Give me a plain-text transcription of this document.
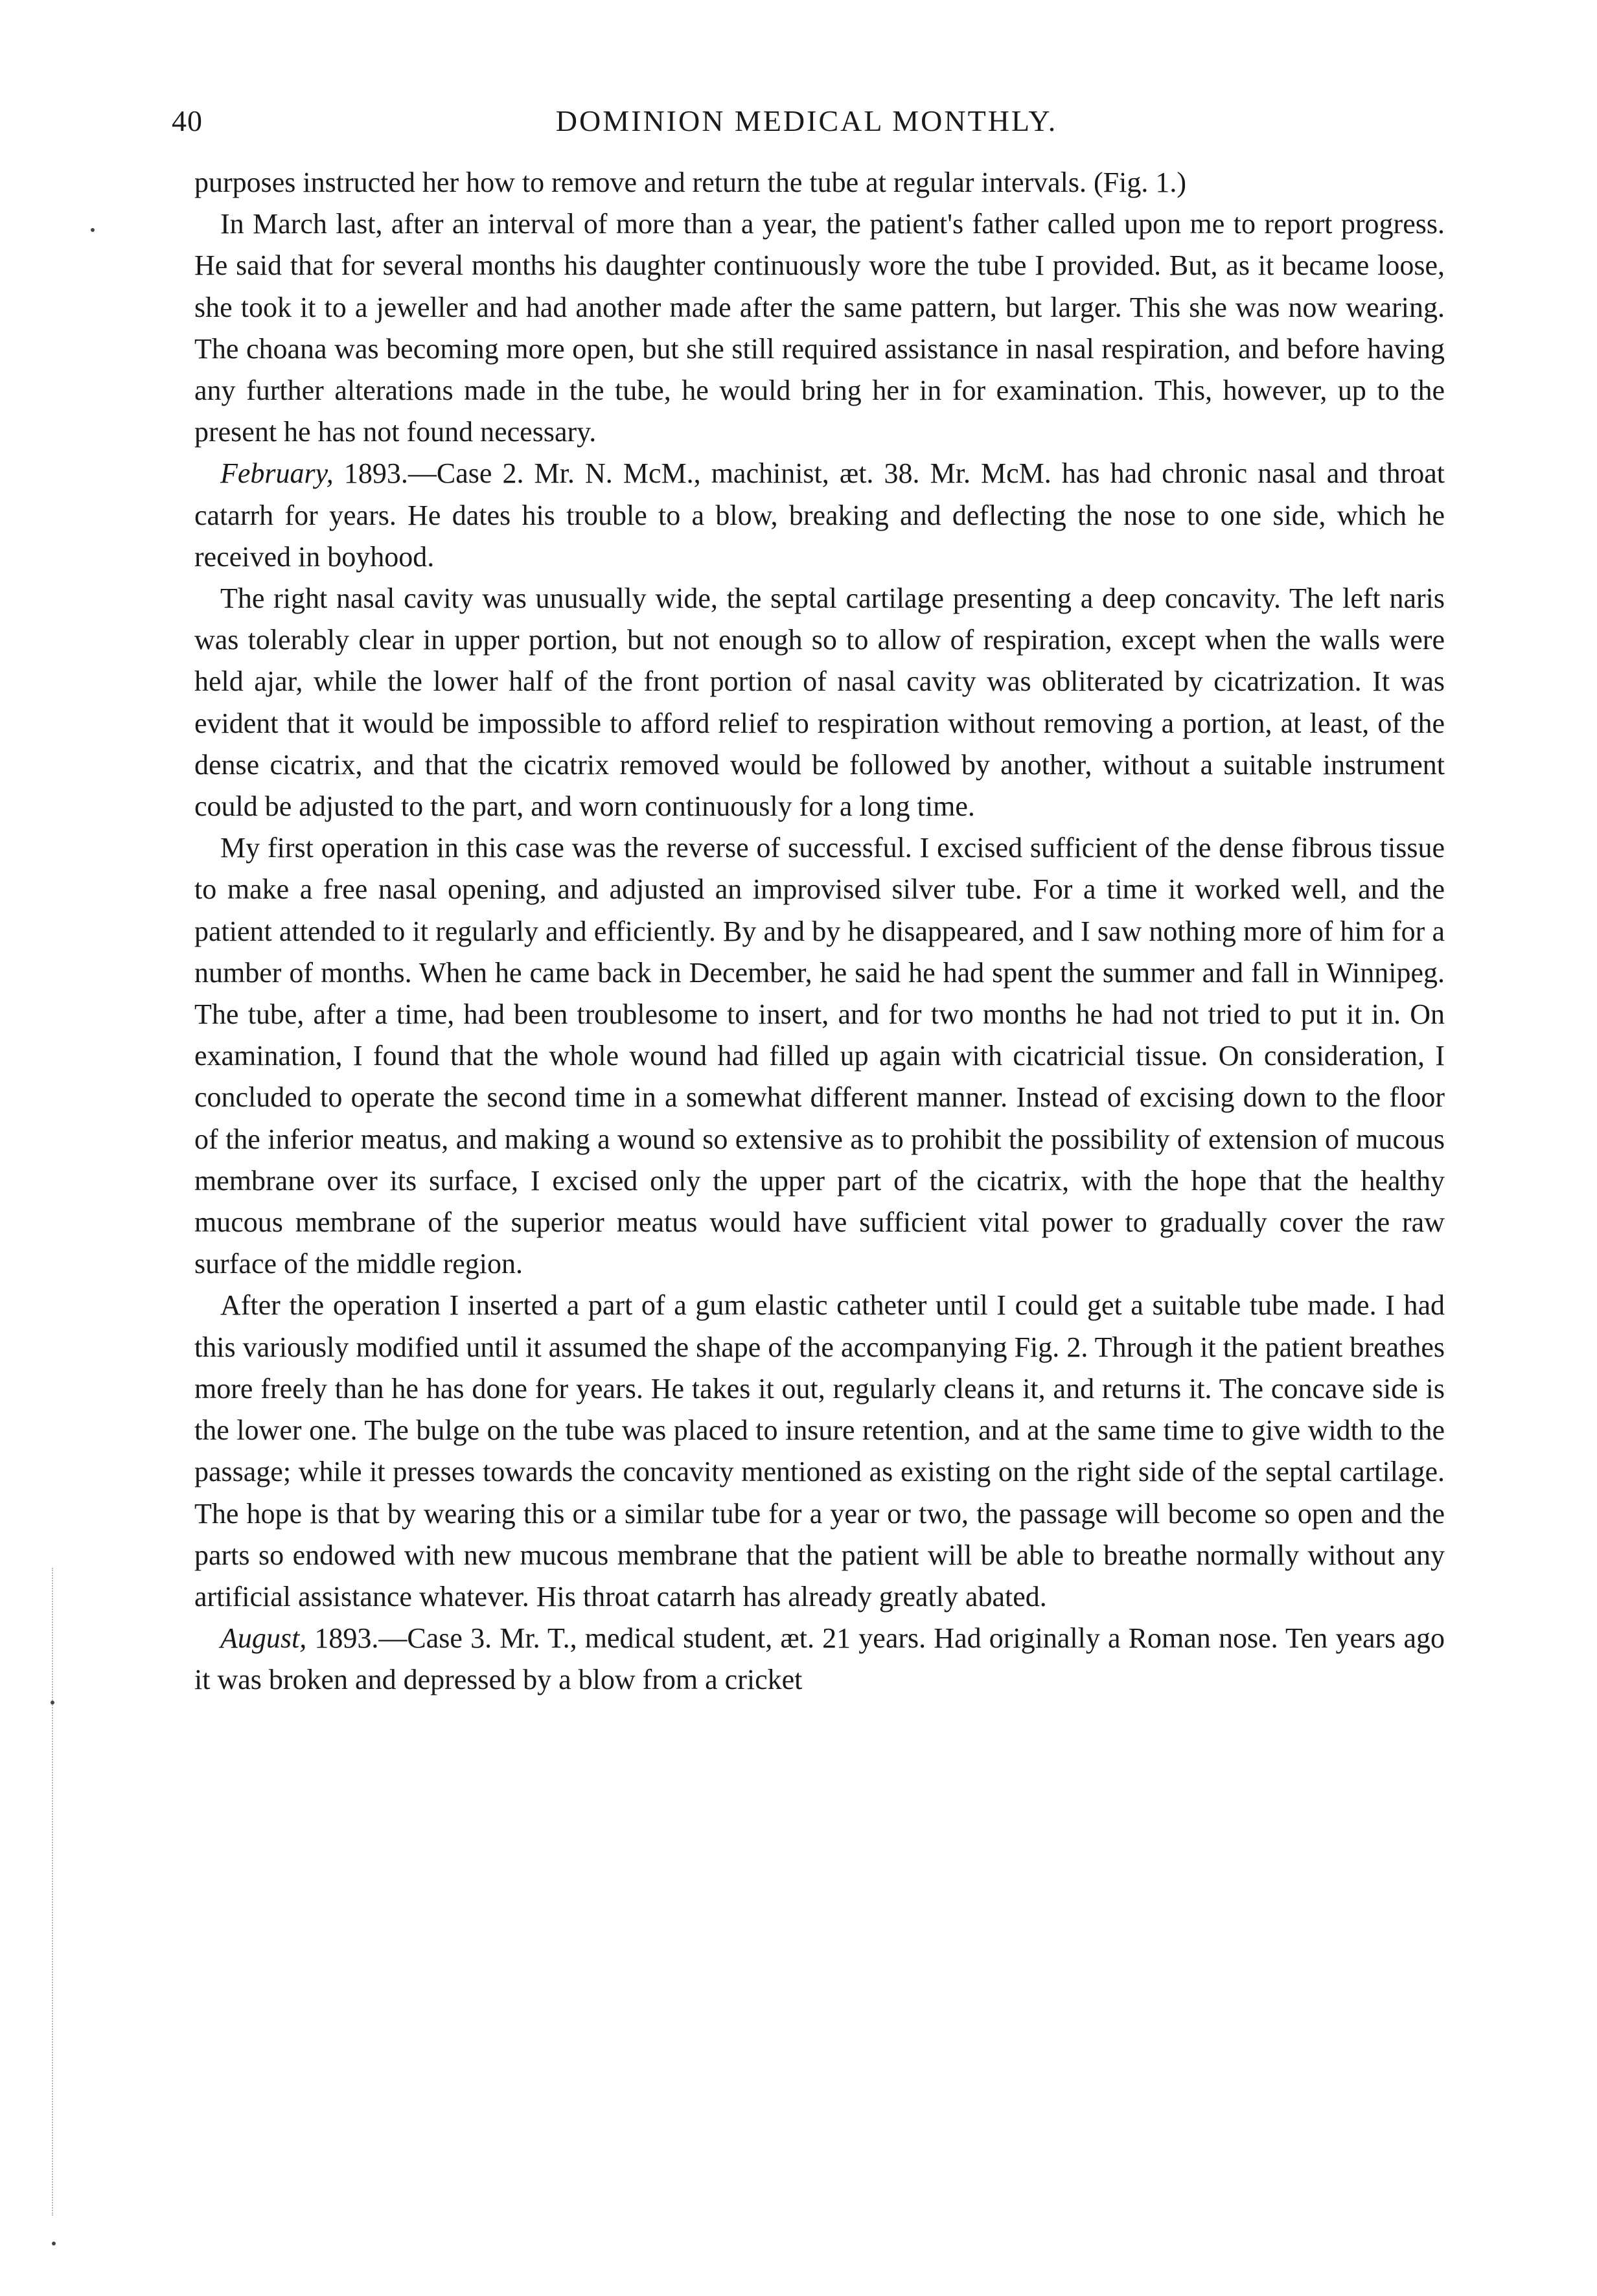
40	DOMINION MEDICAL MONTHLY.

purposes instructed her how to remove and return the tube at regular intervals. (Fig. 1.)

In March last, after an interval of more than a year, the patient's father called upon me to report progress. He said that for several months his daughter continuously wore the tube I provided. But, as it became loose, she took it to a jeweller and had another made after the same pattern, but larger. This she was now wearing. The choana was becoming more open, but she still required assistance in nasal respiration, and before having any further alterations made in the tube, he would bring her in for examination. This, however, up to the present he has not found necessary.

February, 1893.—Case 2. Mr. N. McM., machinist, æt. 38. Mr. McM. has had chronic nasal and throat catarrh for years. He dates his trouble to a blow, breaking and deflecting the nose to one side, which he received in boyhood.

The right nasal cavity was unusually wide, the septal cartilage presenting a deep concavity. The left naris was tolerably clear in upper portion, but not enough so to allow of respiration, except when the walls were held ajar, while the lower half of the front portion of nasal cavity was obliterated by cicatrization. It was evident that it would be impossible to afford relief to respiration without removing a portion, at least, of the dense cicatrix, and that the cicatrix removed would be followed by another, without a suitable instrument could be adjusted to the part, and worn continuously for a long time.

My first operation in this case was the reverse of successful. I excised sufficient of the dense fibrous tissue to make a free nasal opening, and adjusted an improvised silver tube. For a time it worked well, and the patient attended to it regularly and efficiently. By and by he disappeared, and I saw nothing more of him for a number of months. When he came back in December, he said he had spent the summer and fall in Winnipeg. The tube, after a time, had been troublesome to insert, and for two months he had not tried to put it in. On examination, I found that the whole wound had filled up again with cicatricial tissue. On consideration, I concluded to operate the second time in a somewhat different manner. Instead of excising down to the floor of the inferior meatus, and making a wound so extensive as to prohibit the possibility of extension of mucous membrane over its surface, I excised only the upper part of the cicatrix, with the hope that the healthy mucous membrane of the superior meatus would have sufficient vital power to gradually cover the raw surface of the middle region.

After the operation I inserted a part of a gum elastic catheter until I could get a suitable tube made. I had this variously modified until it assumed the shape of the accompanying Fig. 2. Through it the patient breathes more freely than he has done for years. He takes it out, regularly cleans it, and returns it. The concave side is the lower one. The bulge on the tube was placed to insure retention, and at the same time to give width to the passage; while it presses towards the concavity mentioned as existing on the right side of the septal cartilage. The hope is that by wearing this or a similar tube for a year or two, the passage will become so open and the parts so endowed with new mucous membrane that the patient will be able to breathe normally without any artificial assistance whatever. His throat catarrh has already greatly abated.

August, 1893.—Case 3. Mr. T., medical student, æt. 21 years. Had originally a Roman nose. Ten years ago it was broken and depressed by a blow from a cricket
